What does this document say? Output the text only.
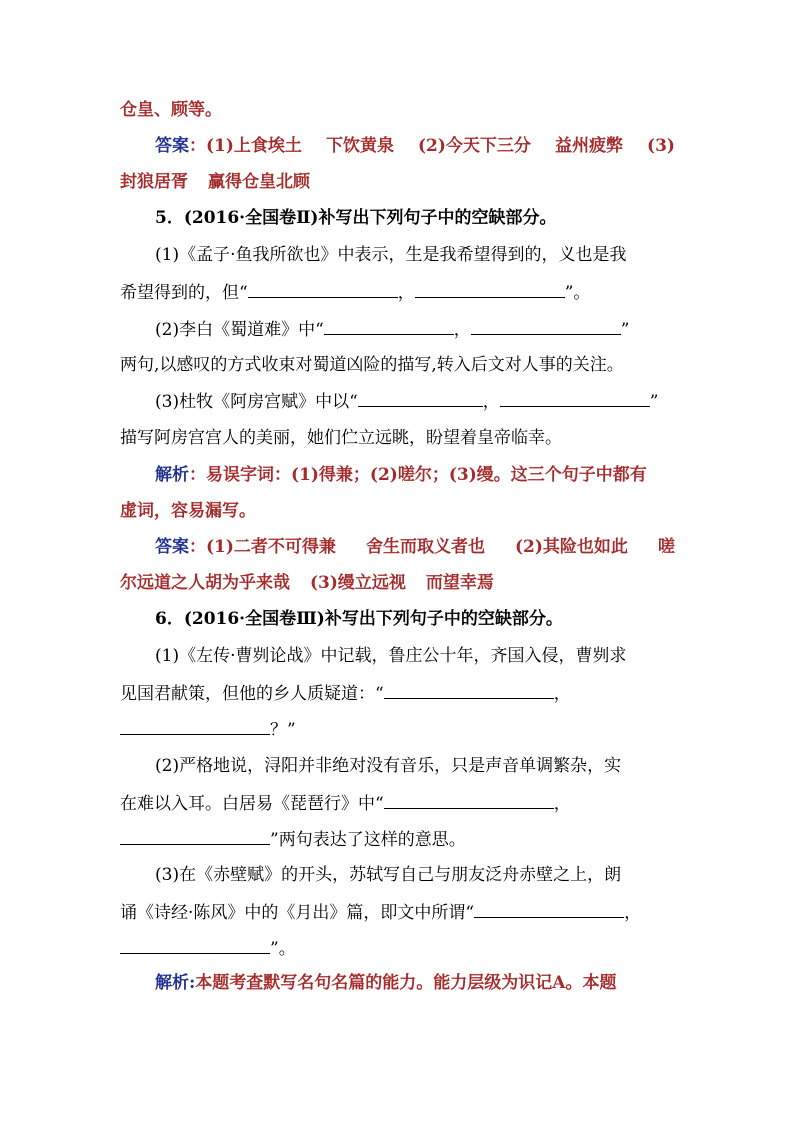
仓皇、顾等。
答案：(1)上食埃土 下饮黄泉 (2)今天下三分 益州疲弊 (3)
封狼居胥 赢得仓皇北顾
5．(2016·全国卷Ⅱ)补写出下列句子中的空缺部分。
(1)《孟子·鱼我所欲也》中表示，生是我希望得到的，义也是我
希望得到的，但“	，	”。
(2)李白《蜀道难》中“	，	”
两句,以感叹的方式收束对蜀道凶险的描写,转入后文对人事的关注。
(3)杜牧《阿房宫赋》中以“	，	”
描写阿房宫宫人的美丽，她们伫立远眺，盼望着皇帝临幸。
解析：易误字词：(1)得兼；(2)嗟尔；(3)缦。这三个句子中都有
虚词，容易漏写。
答案：(1)二者不可得兼 舍生而取义者也 (2)其险也如此 嗟
尔远道之人胡为乎来哉 (3)缦立远视 而望幸焉
6．(2016·全国卷Ⅲ)补写出下列句子中的空缺部分。
(1)《左传·曹刿论战》中记载，鲁庄公十年，齐国入侵，曹刿求
见国君献策，但他的乡人质疑道：“	，
？”
(2)严格地说，浔阳并非绝对没有音乐，只是声音单调繁杂，实
在难以入耳。白居易《琵琶行》中“	，
”两句表达了这样的意思。
(3)在《赤壁赋》的开头，苏轼写自己与朋友泛舟赤壁之上，朗
诵《诗经·陈风》中的《月出》篇，即文中所谓“	，
”。
解析:本题考查默写名句名篇的能力。能力层级为识记A。本题
